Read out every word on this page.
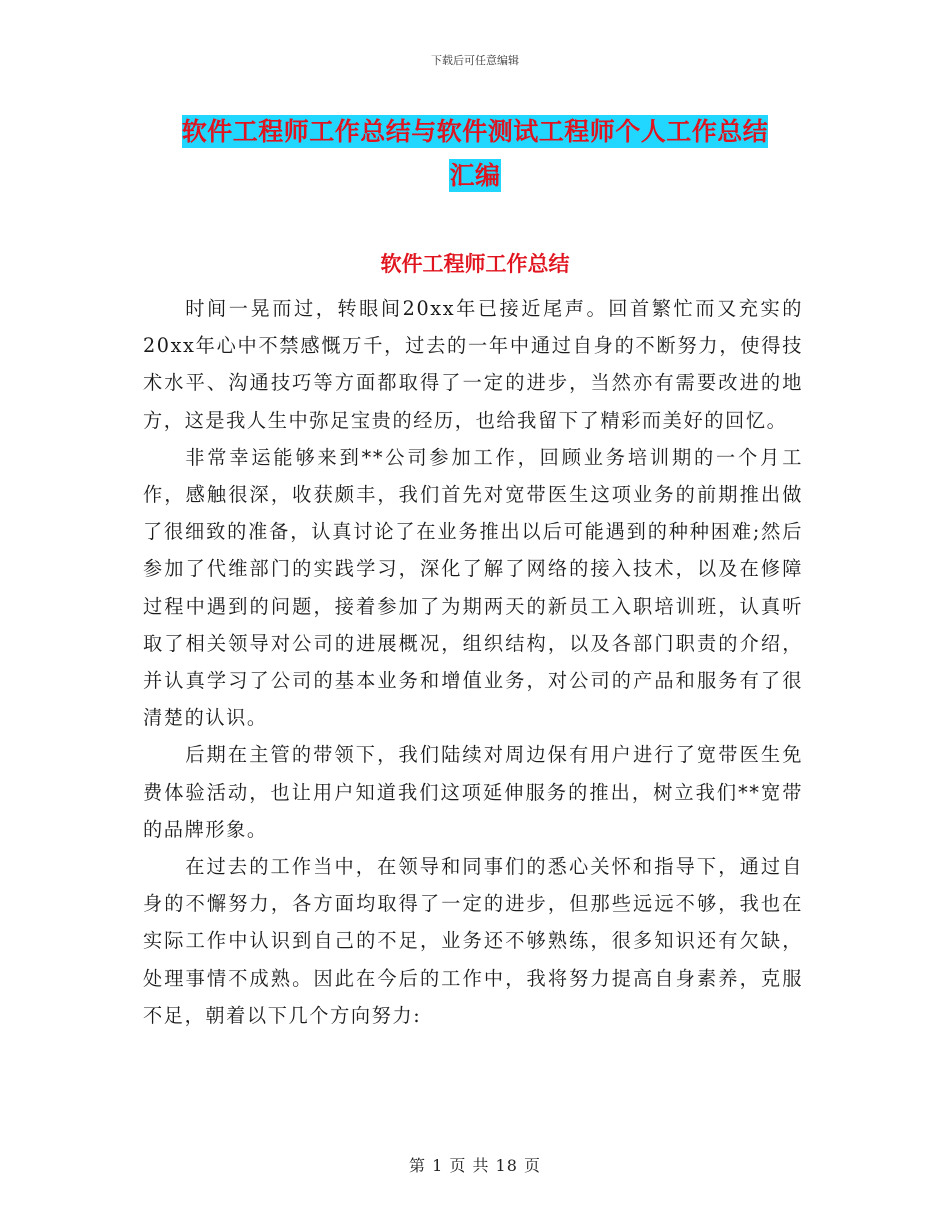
下载后可任意编辑
软件工程师工作总结与软件测试工程师个人工作总结
汇编
软件工程师工作总结

时间一晃而过，转眼间20xx年已接近尾声。回首繁忙而又充实的20xx年心中不禁感慨万千，过去的一年中通过自身的不断努力，使得技术水平、沟通技巧等方面都取得了一定的进步，当然亦有需要改进的地方，这是我人生中弥足宝贵的经历，也给我留下了精彩而美好的回忆。

非常幸运能够来到**公司参加工作，回顾业务培训期的一个月工作，感触很深，收获颇丰，我们首先对宽带医生这项业务的前期推出做了很细致的准备，认真讨论了在业务推出以后可能遇到的种种困难;然后参加了代维部门的实践学习，深化了解了网络的接入技术，以及在修障过程中遇到的问题，接着参加了为期两天的新员工入职培训班，认真听取了相关领导对公司的进展概况，组织结构，以及各部门职责的介绍，并认真学习了公司的基本业务和增值业务，对公司的产品和服务有了很清楚的认识。

后期在主管的带领下，我们陆续对周边保有用户进行了宽带医生免费体验活动，也让用户知道我们这项延伸服务的推出，树立我们**宽带的品牌形象。

在过去的工作当中，在领导和同事们的悉心关怀和指导下，通过自身的不懈努力，各方面均取得了一定的进步，但那些远远不够，我也在实际工作中认识到自己的不足，业务还不够熟练，很多知识还有欠缺，处理事情不成熟。因此在今后的工作中，我将努力提高自身素养，克服不足，朝着以下几个方向努力:

第 1 页 共 18 页
